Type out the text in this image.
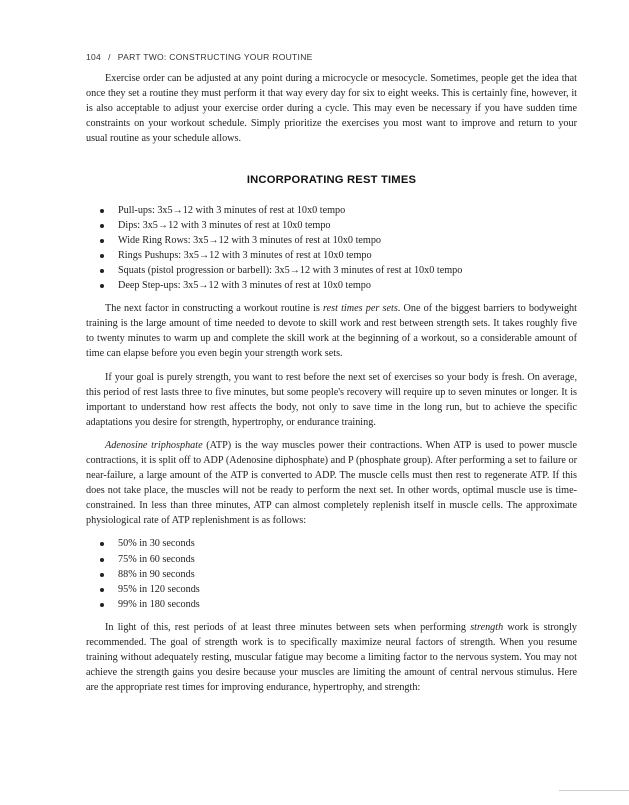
104 / PART TWO: CONSTRUCTING YOUR ROUTINE

Exercise order can be adjusted at any point during a microcycle or mesocycle. Sometimes, people get the idea that once they set a routine they must perform it that way every day for six to eight weeks. This is certainly fine, however, it is also acceptable to adjust your exercise order during a cycle. This may even be necessary if you have sudden time constraints on your workout schedule. Simply prioritize the exercises you most want to improve and return to your usual routine as your schedule allows.

INCORPORATING REST TIMES
Pull-ups: 3x5→12 with 3 minutes of rest at 10x0 tempo
Dips: 3x5→12 with 3 minutes of rest at 10x0 tempo
Wide Ring Rows: 3x5→12 with 3 minutes of rest at 10x0 tempo
Rings Pushups: 3x5→12 with 3 minutes of rest at 10x0 tempo
Squats (pistol progression or barbell): 3x5→12 with 3 minutes of rest at 10x0 tempo
Deep Step-ups: 3x5→12 with 3 minutes of rest at 10x0 tempo

The next factor in constructing a workout routine is rest times per sets. One of the biggest barriers to bodyweight training is the large amount of time needed to devote to skill work and rest between strength sets. It takes roughly five to twenty minutes to warm up and complete the skill work at the beginning of a workout, so a considerable amount of time can elapse before you even begin your strength work sets.

If your goal is purely strength, you want to rest before the next set of exercises so your body is fresh. On average, this period of rest lasts three to five minutes, but some people's recovery will require up to seven minutes or longer. It is important to understand how rest affects the body, not only to save time in the long run, but to achieve the specific adaptations you desire for strength, hypertrophy, or endurance training.

Adenosine triphosphate (ATP) is the way muscles power their contractions. When ATP is used to power muscle contractions, it is split off to ADP (Adenosine diphosphate) and P (phosphate group). After performing a set to failure or near-failure, a large amount of the ATP is converted to ADP. The muscle cells must then rest to regenerate ATP. If this does not take place, the muscles will not be ready to perform the next set. In other words, optimal muscle use is time-constrained. In less than three minutes, ATP can almost completely replenish itself in muscle cells. The approximate physiological rate of ATP replenishment is as follows:

50% in 30 seconds
75% in 60 seconds
88% in 90 seconds
95% in 120 seconds
99% in 180 seconds

In light of this, rest periods of at least three minutes between sets when performing strength work is strongly recommended. The goal of strength work is to specifically maximize neural factors of strength. When you resume training without adequately resting, muscular fatigue may become a limiting factor to the nervous system. You may not achieve the strength gains you desire because your muscles are limiting the amount of central nervous stimulus. Here are the appropriate rest times for improving endurance, hypertrophy, and strength:
